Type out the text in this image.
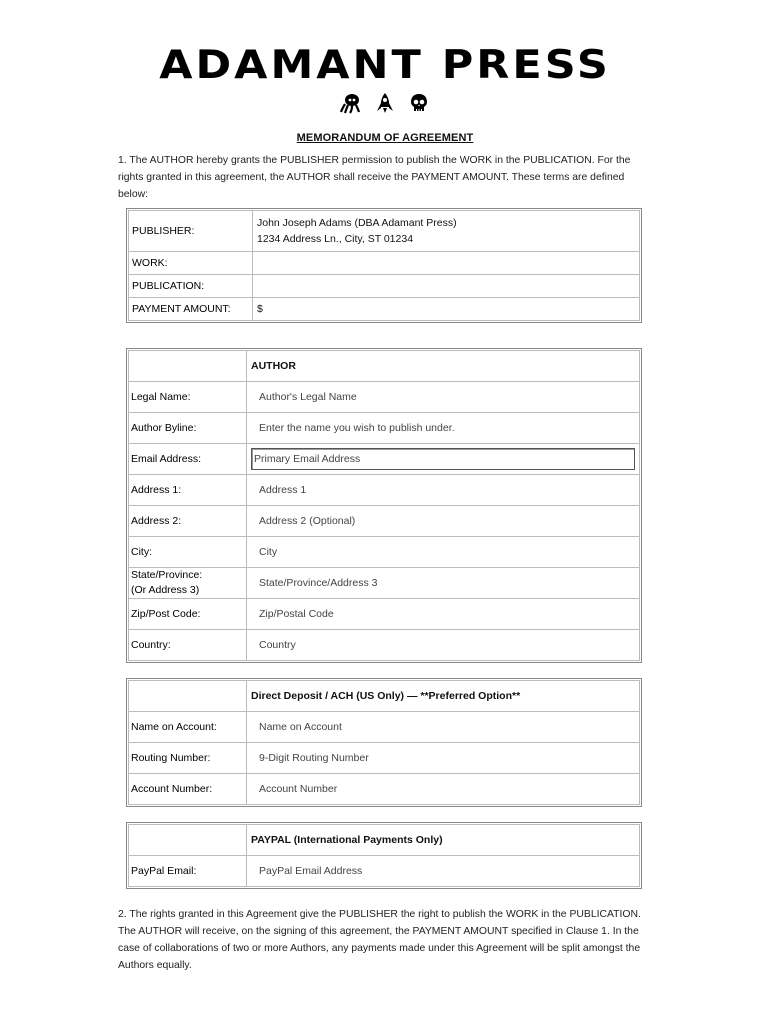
ADAMANT PRESS
MEMORANDUM OF AGREEMENT
1. The AUTHOR hereby grants the PUBLISHER permission to publish the WORK in the PUBLICATION. For the rights granted in this agreement, the AUTHOR shall receive the PAYMENT AMOUNT. These terms are defined below:
PUBLISHER:	John Joseph Adams (DBA Adamant Press)
1234 Address Ln., City, ST 01234

WORK:	
PUBLICATION:	
PAYMENT AMOUNT:	$
	AUTHOR
Legal Name:	Author's Legal Name
Author Byline:	Enter the name you wish to publish under.
Email Address:	Primary Email Address

Address 1:	Address 1
Address 2:	Address 2 (Optional)
City:	City

State/Province:
(Or Address 3)	State/Province/Address 3
Zip/Post Code:	Zip/Postal Code
Country:	Country
	Direct Deposit / ACH (US Only) — **Preferred Option**
Name on Account:	Name on Account
Routing Number:	9-Digit Routing Number
Account Number:	Account Number
	PAYPAL (International Payments Only)
PayPal Email:	PayPal Email Address
2. The rights granted in this Agreement give the PUBLISHER the right to publish the WORK in the PUBLICATION. The AUTHOR will receive, on the signing of this agreement, the PAYMENT AMOUNT specified in Clause 1. In the case of collaborations of two or more Authors, any payments made under this Agreement will be split amongst the Authors equally.
